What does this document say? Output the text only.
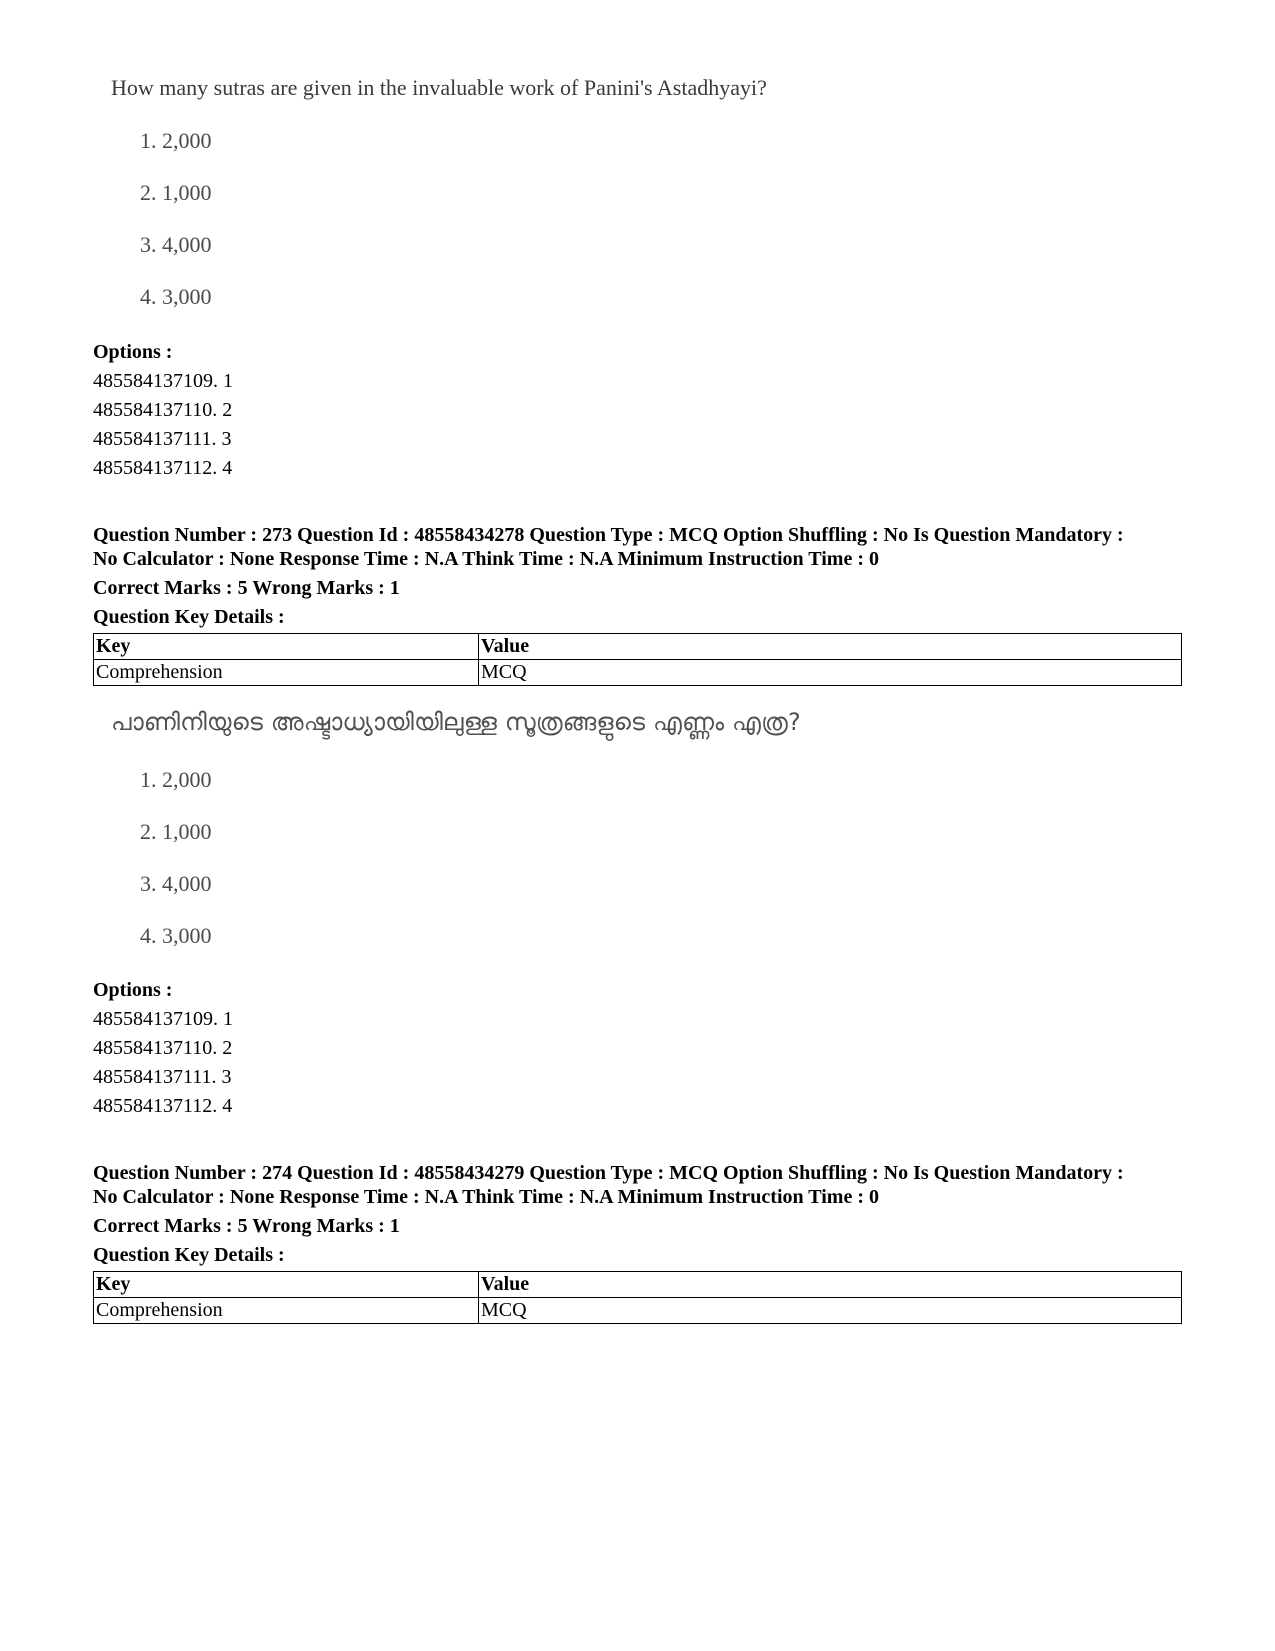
How many sutras are given in the invaluable work of Panini's Astadhyayi?

1. 2,000
2. 1,000
3. 4,000
4. 3,000

Options :

485584137109. 1

485584137110. 2

485584137111. 3

485584137112. 4

Question Number : 273 Question Id : 48558434278 Question Type : MCQ Option Shuffling : No Is Question Mandatory :

No Calculator : None Response Time : N.A Think Time : N.A Minimum Instruction Time : 0

Correct Marks : 5 Wrong Marks : 1

Question Key Details :

Key	Value
Comprehension	MCQ

പാണിനിയുടെ അഷ്ടാധ്യായിയിലുള്ള സൂത്രങ്ങളുടെ എണ്ണം എത്ര?

1. 2,000
2. 1,000
3. 4,000
4. 3,000

Options :

485584137109. 1

485584137110. 2

485584137111. 3

485584137112. 4

Question Number : 274 Question Id : 48558434279 Question Type : MCQ Option Shuffling : No Is Question Mandatory :

No Calculator : None Response Time : N.A Think Time : N.A Minimum Instruction Time : 0

Correct Marks : 5 Wrong Marks : 1

Question Key Details :

Key	Value
Comprehension	MCQ
